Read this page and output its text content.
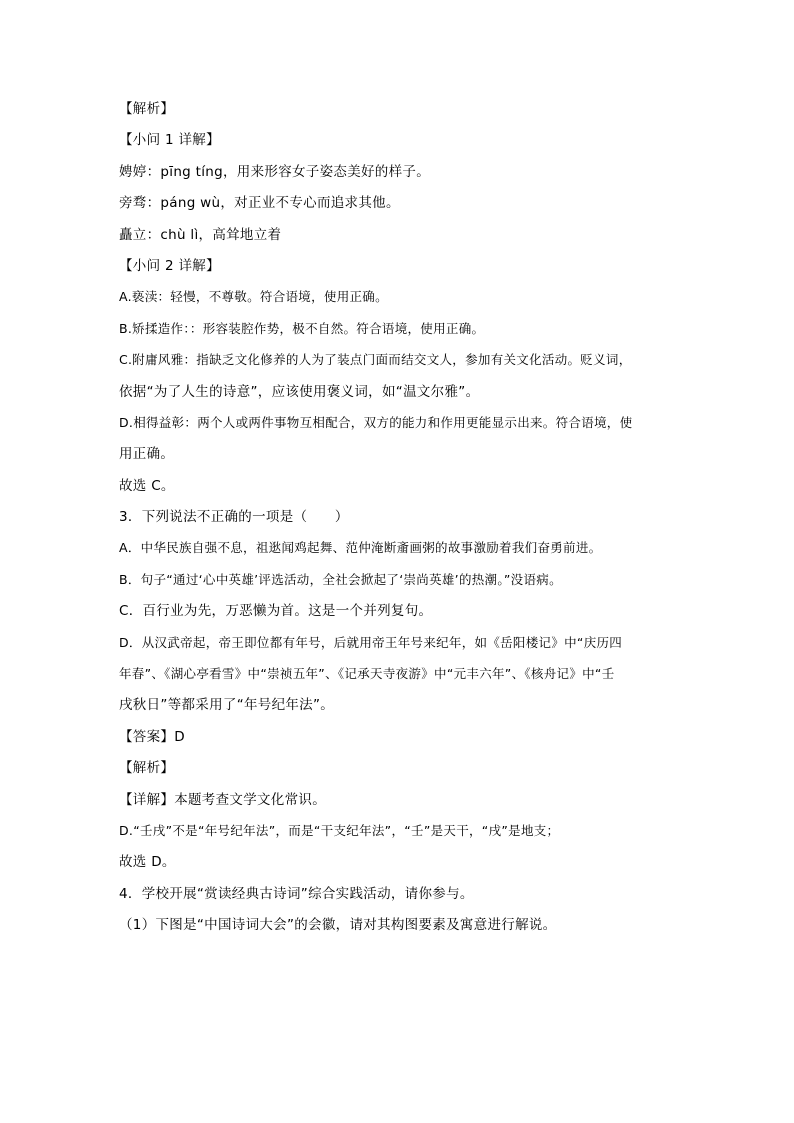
【解析】
【小问 1 详解】
娉婷：pīng tíng，用来形容女子姿态美好的样子。
旁骛：páng wù，对正业不专心而追求其他。
矗立：chù lì，高耸地立着
【小问 2 详解】
A.亵渎：轻慢，不尊敬。符合语境，使用正确。
B.矫揉造作：：形容装腔作势，极不自然。符合语境，使用正确。
C.附庸风雅：指缺乏文化修养的人为了装点门面而结交文人，参加有关文化活动。贬义词，
依据“为了人生的诗意”，应该使用褒义词，如“温文尔雅”。
D.相得益彰：两个人或两件事物互相配合，双方的能力和作用更能显示出来。符合语境，使
用正确。
故选 C。
3．下列说法不正确的一项是（　　）
A．中华民族自强不息，祖逖闻鸡起舞、范仲淹断齑画粥的故事激励着我们奋勇前进。
B．句子“通过‘心中英雄’评选活动，全社会掀起了‘崇尚英雄’的热潮。”没语病。
C．百行业为先，万恶懒为首。这是一个并列复句。
D．从汉武帝起，帝王即位都有年号，后就用帝王年号来纪年，如《岳阳楼记》中“庆历四
年春”、《湖心亭看雪》中“崇祯五年”、《记承天寺夜游》中“元丰六年”、《核舟记》中“壬
戌秋日”等都采用了“年号纪年法”。
【答案】D
【解析】
【详解】本题考查文学文化常识。
D.“壬戌”不是“年号纪年法”，而是“干支纪年法”，“壬”是天干，“戌”是地支；
故选 D。
4．学校开展“赏读经典古诗词”综合实践活动，请你参与。
（1）下图是“中国诗词大会”的会徽，请对其构图要素及寓意进行解说。
